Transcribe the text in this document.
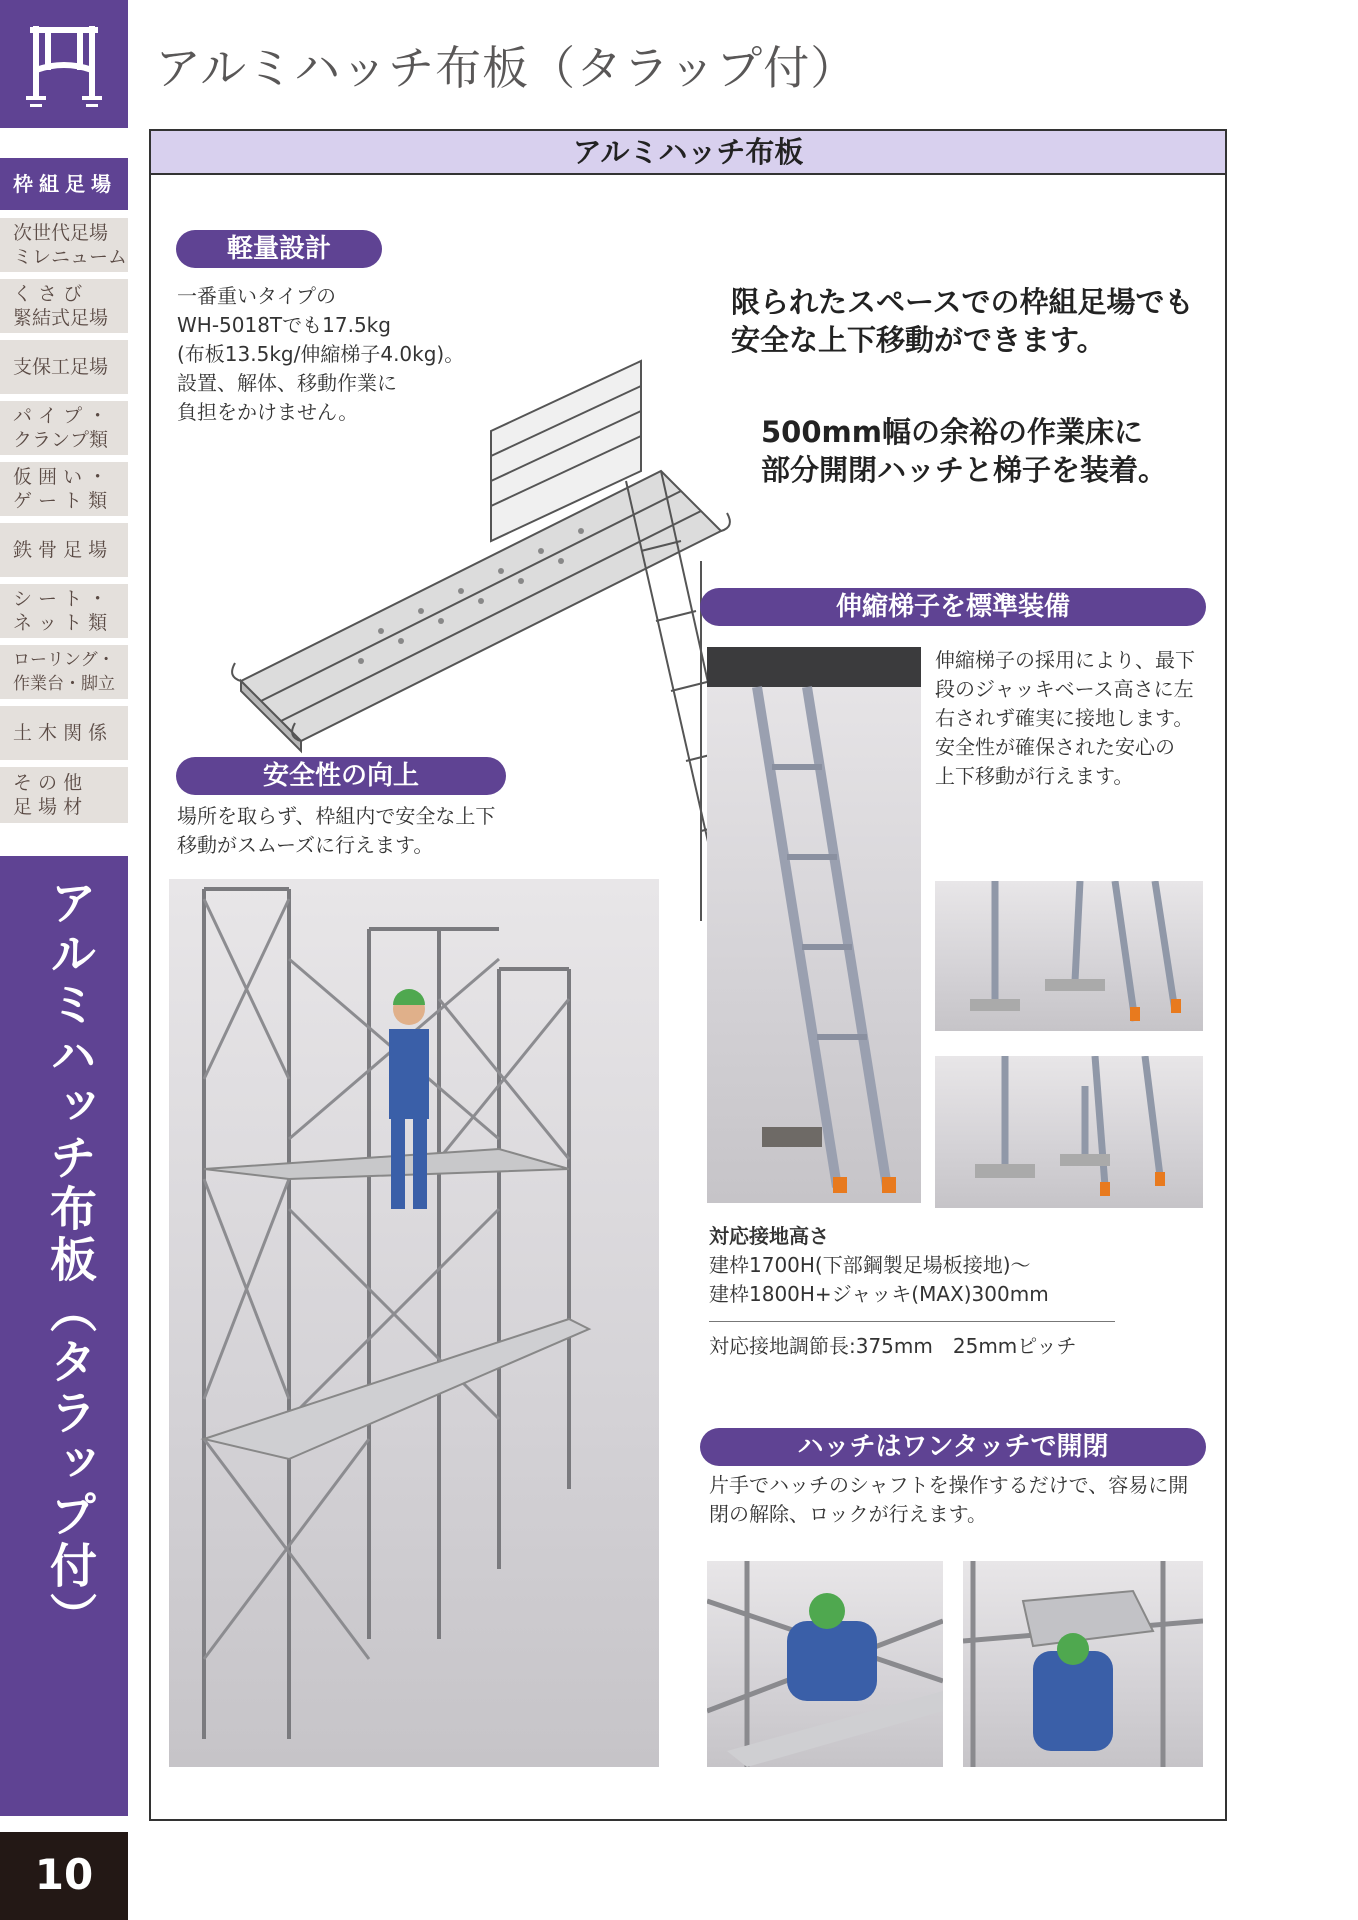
アルミハッチ布板（タラップ付）
枠組足場
次世代足場
ミレニューム
く さ び
緊結式足場
支保工足場
パ イ プ ・
クランプ類
仮 囲 い ・
ゲ ー ト 類
鉄 骨 足 場
シ ー ト ・
ネ ッ ト 類
ローリング・
作業台・脚立
土 木 関 係
そ の 他
足 場 材
アルミハッチ布板（タラップ付）
10
アルミハッチ布板
軽量設計
一番重いタイプの
WH-5018Tでも17.5kg
(布板13.5kg/伸縮梯子4.0kg)。
設置、解体、移動作業に
負担をかけません。
限られたスペースでの枠組足場でも
安全な上下移動ができます。
500mm幅の余裕の作業床に
部分開閉ハッチと梯子を装着。
安全性の向上
場所を取らず、枠組内で安全な上下
移動がスムーズに行えます。
伸縮梯子を標準装備
伸縮梯子の採用により、最下
段のジャッキベース高さに左
右されず確実に接地します。
安全性が確保された安心の
上下移動が行えます。
対応接地高さ
建枠1700H(下部鋼製足場板接地)～
建枠1800H+ジャッキ(MAX)300mm
対応接地調節長:375mm　25mmピッチ
ハッチはワンタッチで開閉
片手でハッチのシャフトを操作するだけで、容易に開
閉の解除、ロックが行えます。
